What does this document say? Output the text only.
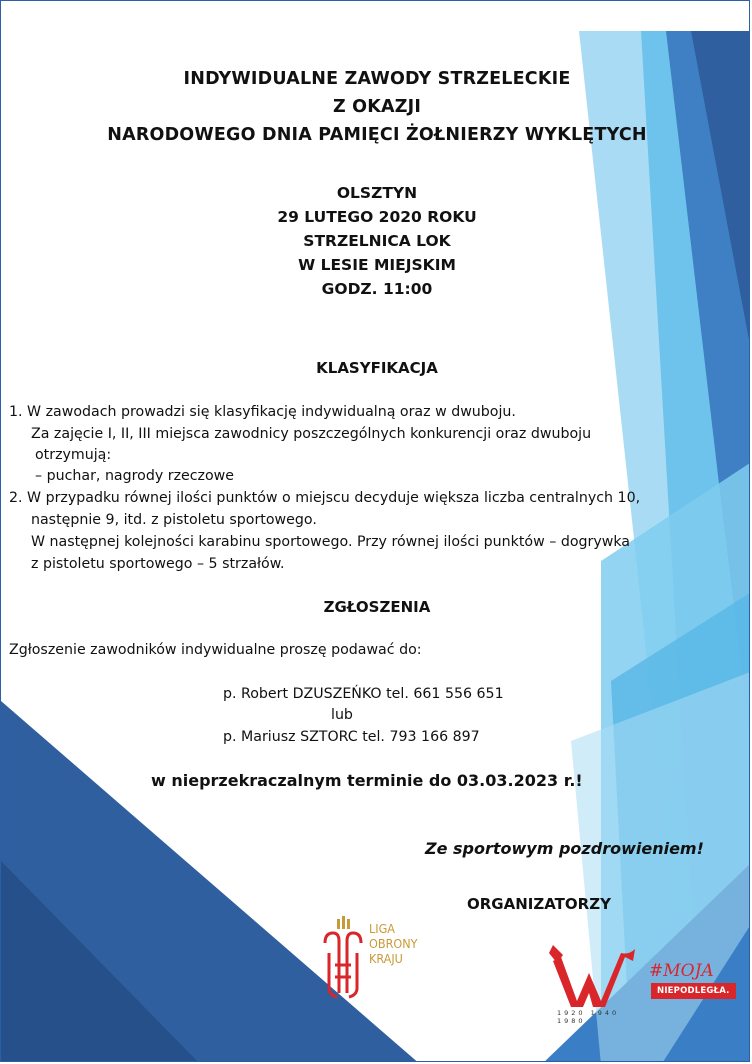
INDYWIDUALNE ZAWODY STRZELECKIE
Z OKAZJI
NARODOWEGO DNIA PAMIĘCI ŻOŁNIERZY WYKLĘTYCH
OLSZTYN
29 LUTEGO 2020 ROKU
STRZELNICA LOK
W LESIE MIEJSKIM
GODZ. 11:00
KLASYFIKACJA
1. W zawodach prowadzi się klasyfikację indywidualną oraz w dwuboju.
Za zajęcie I, II, III miejsca zawodnicy poszczególnych konkurencji oraz dwuboju
otrzymują:
– puchar, nagrody rzeczowe
2. W przypadku równej ilości punktów o miejscu decyduje większa liczba centralnych 10,
następnie 9, itd. z pistoletu sportowego.
W następnej kolejności karabinu sportowego. Przy równej ilości punktów – dogrywka
z pistoletu sportowego – 5 strzałów.
ZGŁOSZENIA
Zgłoszenie zawodników indywidualne proszę podawać do:
p. Robert DZUSZEŃKO tel. 661 556 651
lub
p. Mariusz SZTORC tel. 793 166 897
w nieprzekraczalnym terminie do 03.03.2023 r.!
Ze sportowym pozdrowieniem!
ORGANIZATORZY
LIGA
OBRONY
KRAJU
1920 1940 1980
#MOJA
NIEPODLEGŁA.
